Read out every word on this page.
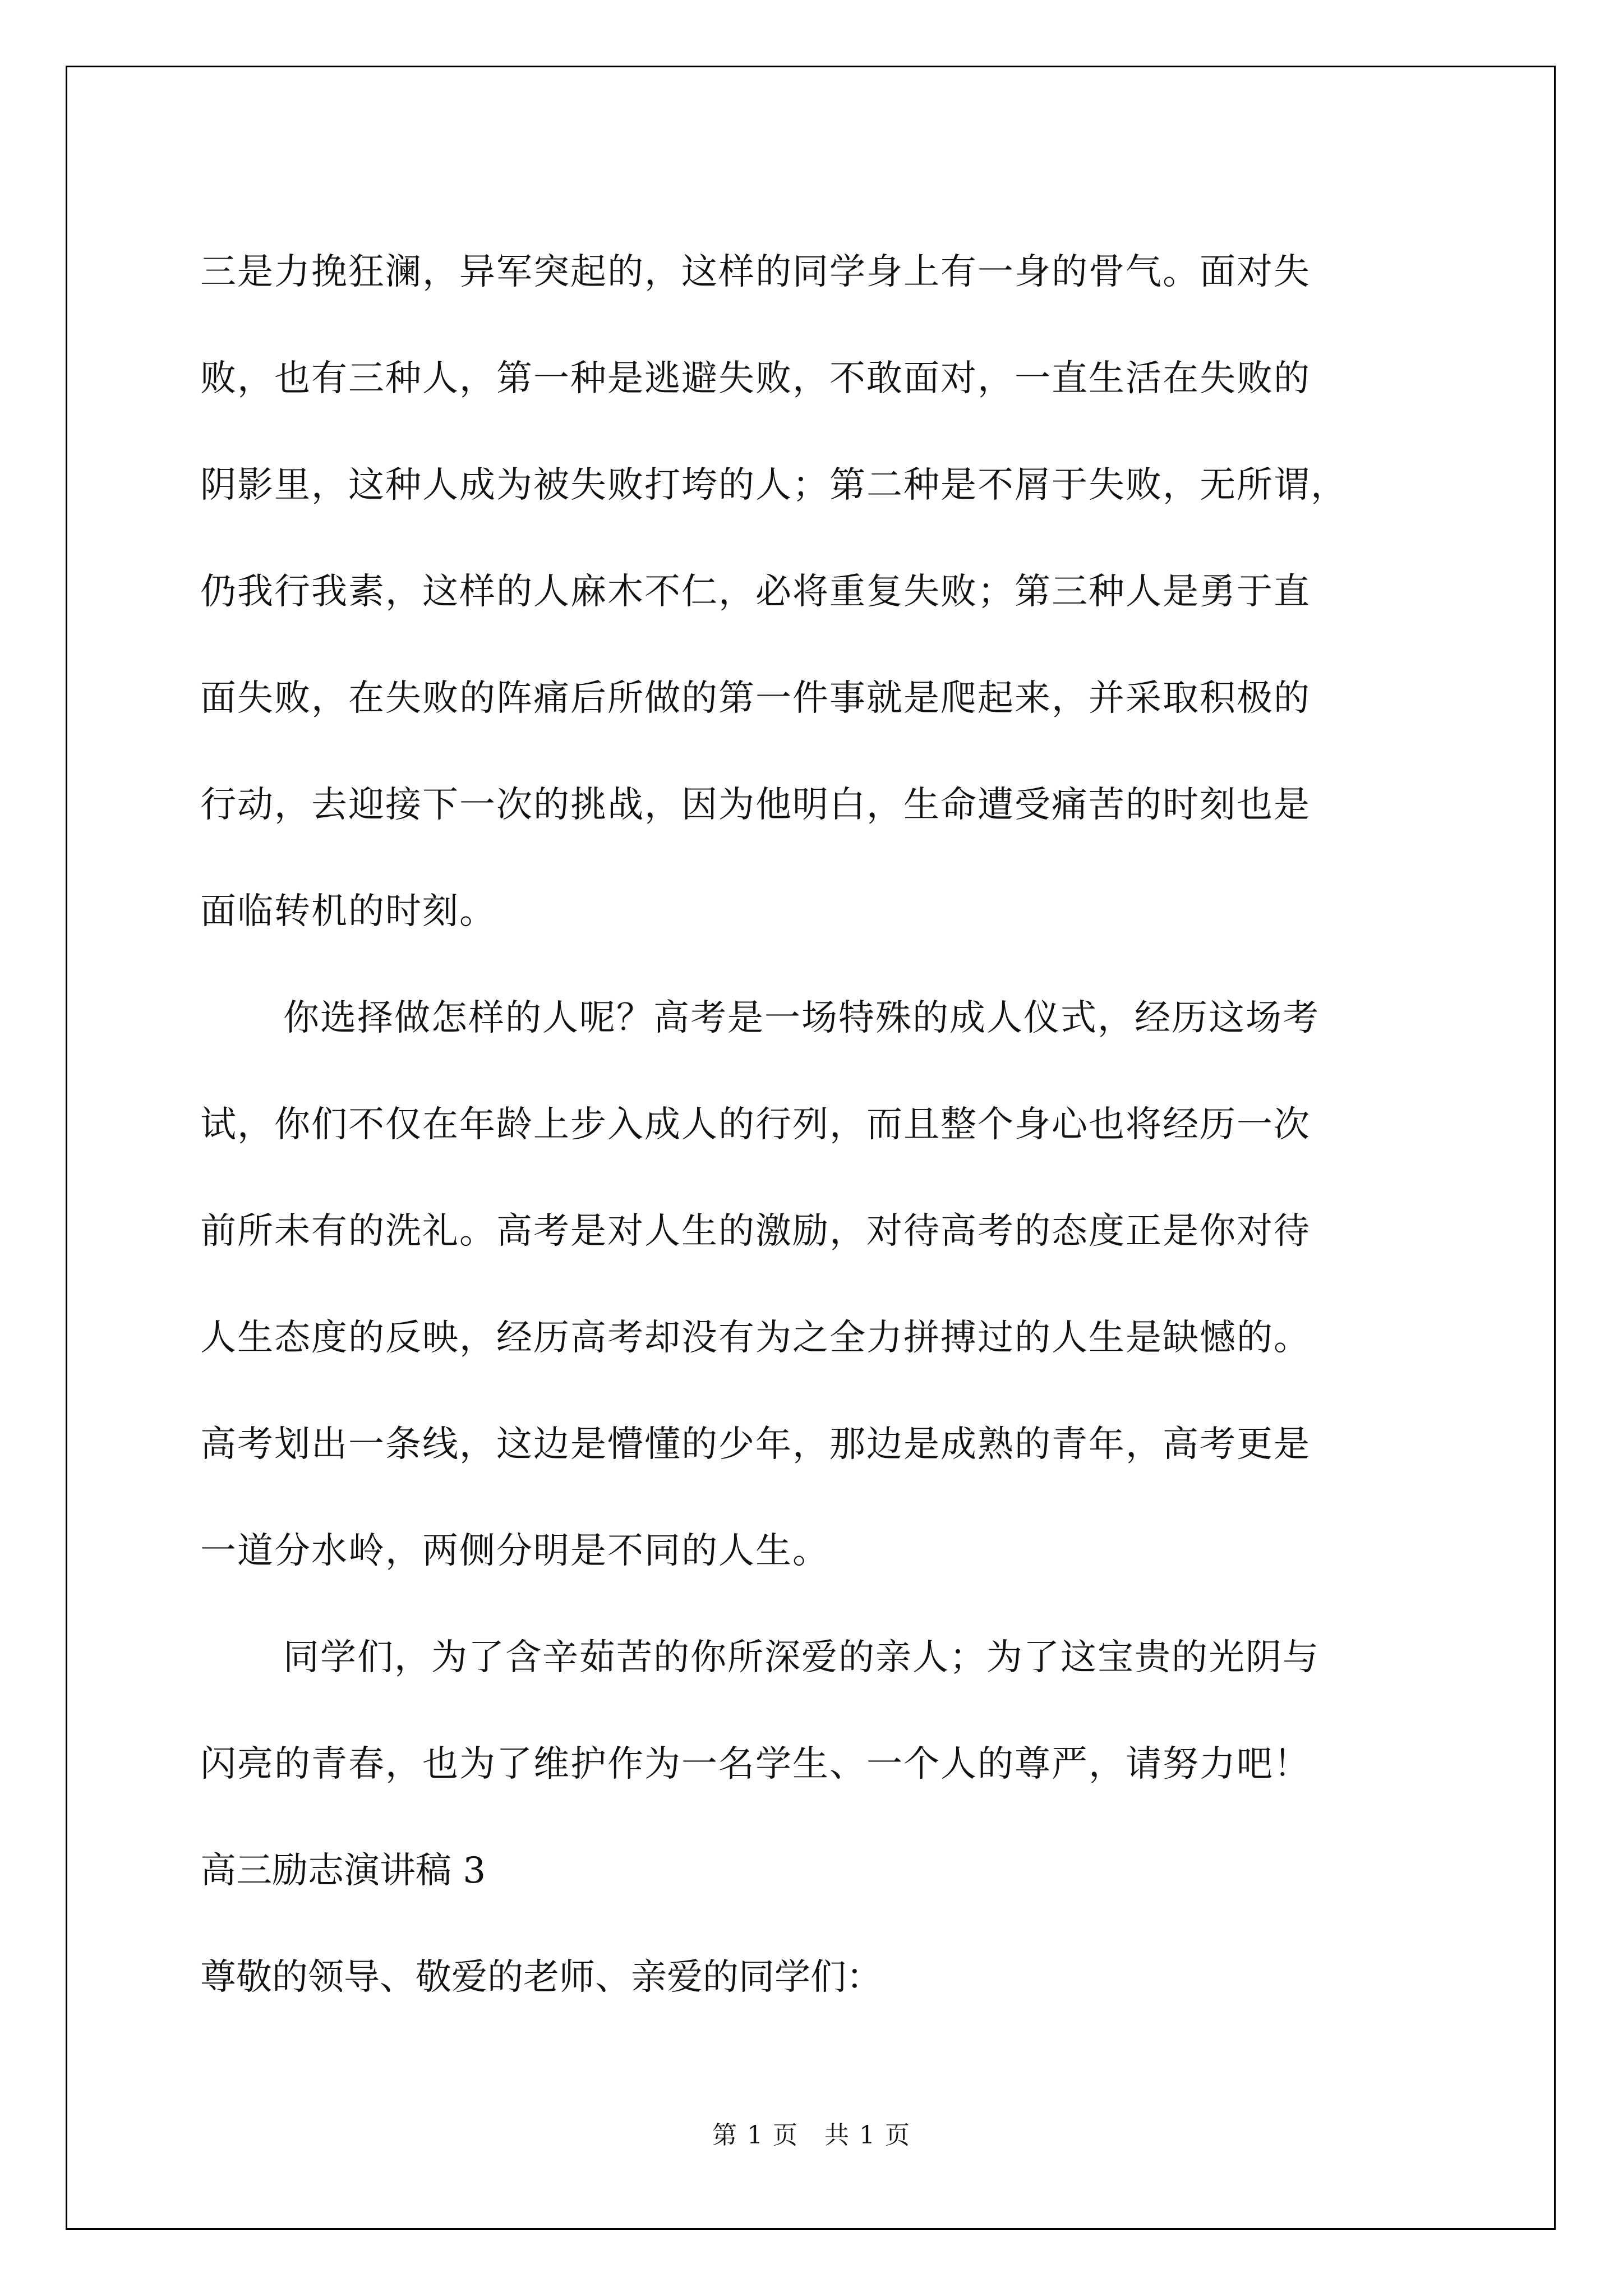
三是力挽狂澜，异军突起的，这样的同学身上有一身的骨气。面对失
败，也有三种人，第一种是逃避失败，不敢面对，一直生活在失败的
阴影里，这种人成为被失败打垮的人；第二种是不屑于失败，无所谓，
仍我行我素，这样的人麻木不仁，必将重复失败；第三种人是勇于直
面失败，在失败的阵痛后所做的第一件事就是爬起来，并采取积极的
行动，去迎接下一次的挑战，因为他明白，生命遭受痛苦的时刻也是
面临转机的时刻。
你选择做怎样的人呢？高考是一场特殊的成人仪式，经历这场考
试，你们不仅在年龄上步入成人的行列，而且整个身心也将经历一次
前所未有的洗礼。高考是对人生的激励，对待高考的态度正是你对待
人生态度的反映，经历高考却没有为之全力拼搏过的人生是缺憾的。
高考划出一条线，这边是懵懂的少年，那边是成熟的青年，高考更是
一道分水岭，两侧分明是不同的人生。
同学们，为了含辛茹苦的你所深爱的亲人；为了这宝贵的光阴与
闪亮的青春，也为了维护作为一名学生、一个人的尊严，请努力吧！
高三励志演讲稿 3
尊敬的领导、敬爱的老师、亲爱的同学们：
第 1 页　共 1 页
